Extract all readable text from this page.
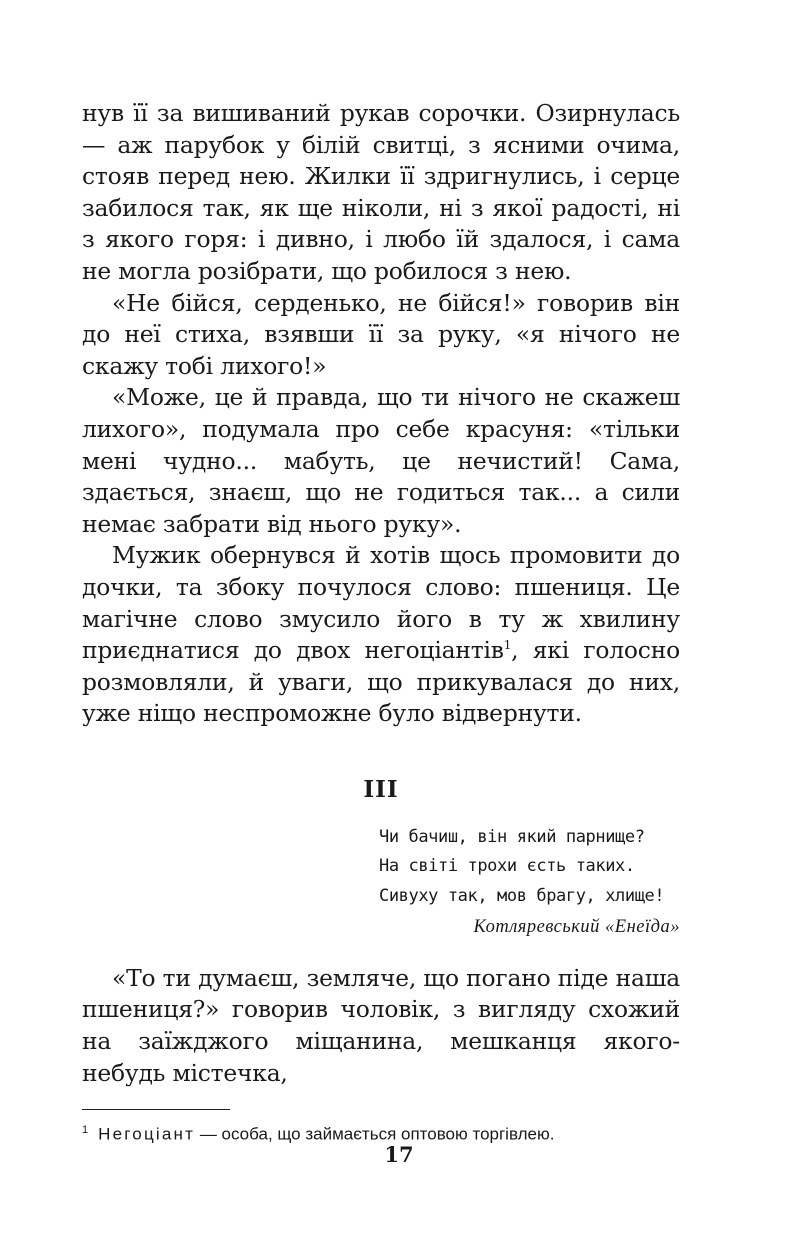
нув її за вишиваний рукав сорочки. Озирнулась — аж парубок у білій свитці, з ясними очима, стояв перед нею. Жилки її здригнулись, і серце забилося так, як ще ніколи, ні з якої радості, ні з якого горя: і дивно, і любо їй здалося, і сама не могла розібрати, що робилося з нею.

«Не бійся, серденько, не бійся!» говорив він до неї стиха, взявши її за руку, «я нічого не скажу тобі лихого!»

«Може, це й правда, що ти нічого не скажеш лихого», подумала про себе красуня: «тільки мені чудно... мабуть, це нечистий! Сама, здається, знаєш, що не годиться так... а сили немає забрати від нього руку».

Мужик обернувся й хотів щось промовити до дочки, та збоку почулося слово: пшениця. Це магічне слово змусило його в ту ж хвилину приєднатися до двох негоціантів$^1$, які голосно розмовляли, й уваги, що прикувалася до них, уже ніщо неспроможне було відвернути.

III
Чи бачиш, він який парнище?
На світі трохи єсть таких.
Сивуху так, мов брагу, хлище!
Котляревський «Енеїда»

«То ти думаєш, земляче, що погано піде наша пшениця?» говорив чоловік, з вигляду схожий на заїжджого міщанина, мешканця якого-небудь містечка,

$^1$ Негоціант — особа, що займається оптовою торгівлею.
17
